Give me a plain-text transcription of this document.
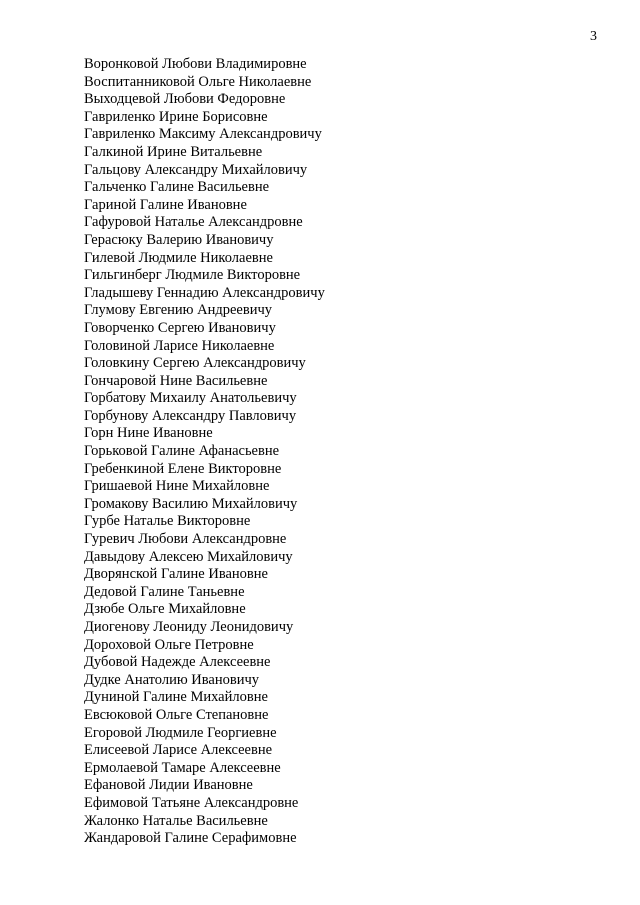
3
Воронковой Любови Владимировне
Воспитанниковой Ольге Николаевне
Выходцевой Любови Федоровне
Гавриленко Ирине Борисовне
Гавриленко Максиму Александровичу
Галкиной Ирине Витальевне
Гальцову Александру Михайловичу
Гальченко Галине Васильевне
Гариной Галине Ивановне
Гафуровой Наталье Александровне
Герасюку Валерию Ивановичу
Гилевой Людмиле Николаевне
Гильгинберг Людмиле Викторовне
Гладышеву Геннадию Александровичу
Глумову Евгению Андреевичу
Говорченко Сергею Ивановичу
Головиной Ларисе Николаевне
Головкину Сергею Александровичу
Гончаровой Нине Васильевне
Горбатову Михаилу Анатольевичу
Горбунову Александру Павловичу
Горн Нине Ивановне
Горьковой Галине Афанасьевне
Гребенкиной Елене Викторовне
Гришаевой Нине Михайловне
Громакову Василию Михайловичу
Гурбе Наталье Викторовне
Гуревич Любови Александровне
Давыдову Алексею Михайловичу
Дворянской Галине Ивановне
Дедовой Галине Таньевне
Дзюбе Ольге Михайловне
Диогенову Леониду Леонидовичу
Дороховой Ольге Петровне
Дубовой Надежде Алексеевне
Дудке Анатолию Ивановичу
Дуниной Галине Михайловне
Евсюковой Ольге Степановне
Егоровой Людмиле Георгиевне
Елисеевой Ларисе Алексеевне
Ермолаевой Тамаре Алексеевне
Ефановой Лидии Ивановне
Ефимовой Татьяне Александровне
Жалонко Наталье Васильевне
Жандаровой Галине Серафимовне
